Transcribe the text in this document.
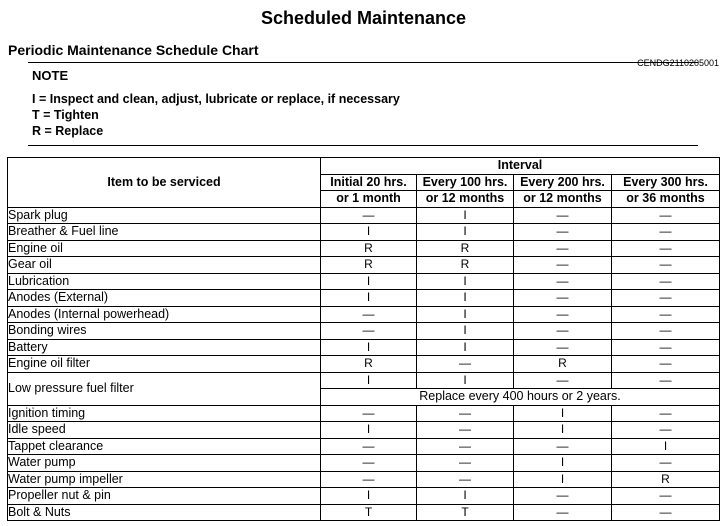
Scheduled Maintenance
Periodic Maintenance Schedule Chart
CENDG2110205001
NOTE
I = Inspect and clean, adjust, lubricate or replace, if necessary
T = Tighten
R = Replace
Item to be serviced	Interval			
	Initial 20 hrs.	Every 100 hrs.	Every 200 hrs.	Every 300 hrs.
	or 1 month	or 12 months	or 12 months	or 36 months
Spark plug	—	I	—	—
Breather & Fuel line	I	I	—	—
Engine oil	R	R	—	—
Gear oil	R	R	—	—
Lubrication	I	I	—	—
Anodes (External)	I	I	—	—
Anodes (Internal powerhead)	—	I	—	—
Bonding wires	—	I	—	—
Battery	I	I	—	—
Engine oil filter	R	—	R	—
Low pressure fuel filter	I	I	—	—
	Replace every 400 hours or 2 years.			
Ignition timing	—	—	I	—
Idle speed	I	—	I	—
Tappet clearance	—	—	—	I
Water pump	—	—	I	—
Water pump impeller	—	—	I	R
Propeller nut & pin	I	I	—	—
Bolt & Nuts	T	T	—	—
